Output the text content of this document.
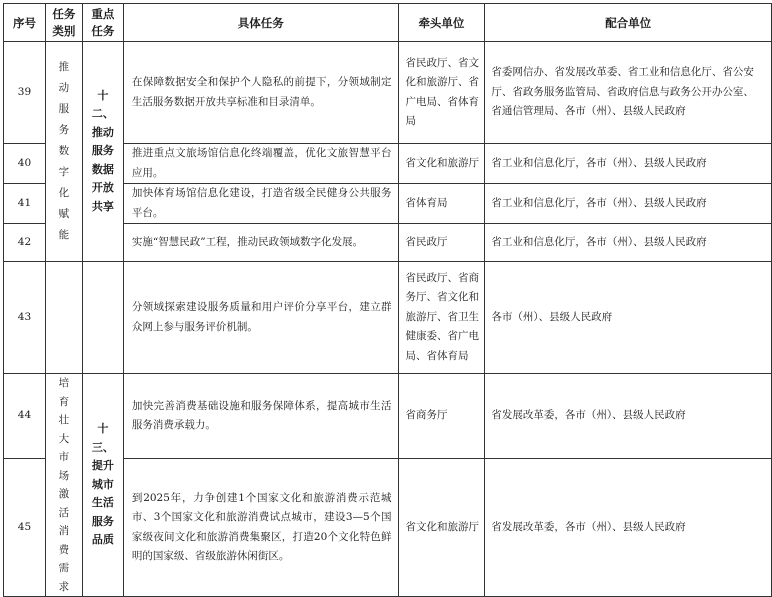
序号	任务类别	重点任务	具体任务	牵头单位	配合单位
39	推动服务数字化赋能	十二、推动服务数据开放共享	在保障数据安全和保护个人隐私的前提下，分领域制定生活服务数据开放共享标准和目录清单。	省民政厅、省文化和旅游厅、省广电局、省体育局	省委网信办、省发展改革委、省工业和信息化厅、省公安厅、省政务服务监管局、省政府信息与政务公开办公室、省通信管理局、各市（州）、县级人民政府
40			推进重点文旅场馆信息化终端覆盖，优化文旅智慧平台应用。	省文化和旅游厅	省工业和信息化厅，各市（州）、县级人民政府
41			加快体育场馆信息化建设，打造省级全民健身公共服务平台。	省体育局	省工业和信息化厅，各市（州）、县级人民政府
42			实施“智慧民政”工程，推动民政领域数字化发展。	省民政厅	省工业和信息化厅，各市（州）、县级人民政府
43			分领域探索建设服务质量和用户评价分享平台，建立群众网上参与服务评价机制。	省民政厅、省商务厅、省文化和旅游厅、省卫生健康委、省广电局、省体育局	各市（州）、县级人民政府
44	培育壮大市场激活消费需求	十三、提升城市生活服务品质	加快完善消费基础设施和服务保障体系，提高城市生活服务消费承载力。	省商务厅	省发展改革委，各市（州）、县级人民政府
45			到2025年，力争创建1个国家文化和旅游消费示范城市、3个国家文化和旅游消费试点城市，建设3—5个国家级夜间文化和旅游消费集聚区，打造20个文化特色鲜明的国家级、省级旅游休闲街区。	省文化和旅游厅	省发展改革委，各市（州）、县级人民政府
